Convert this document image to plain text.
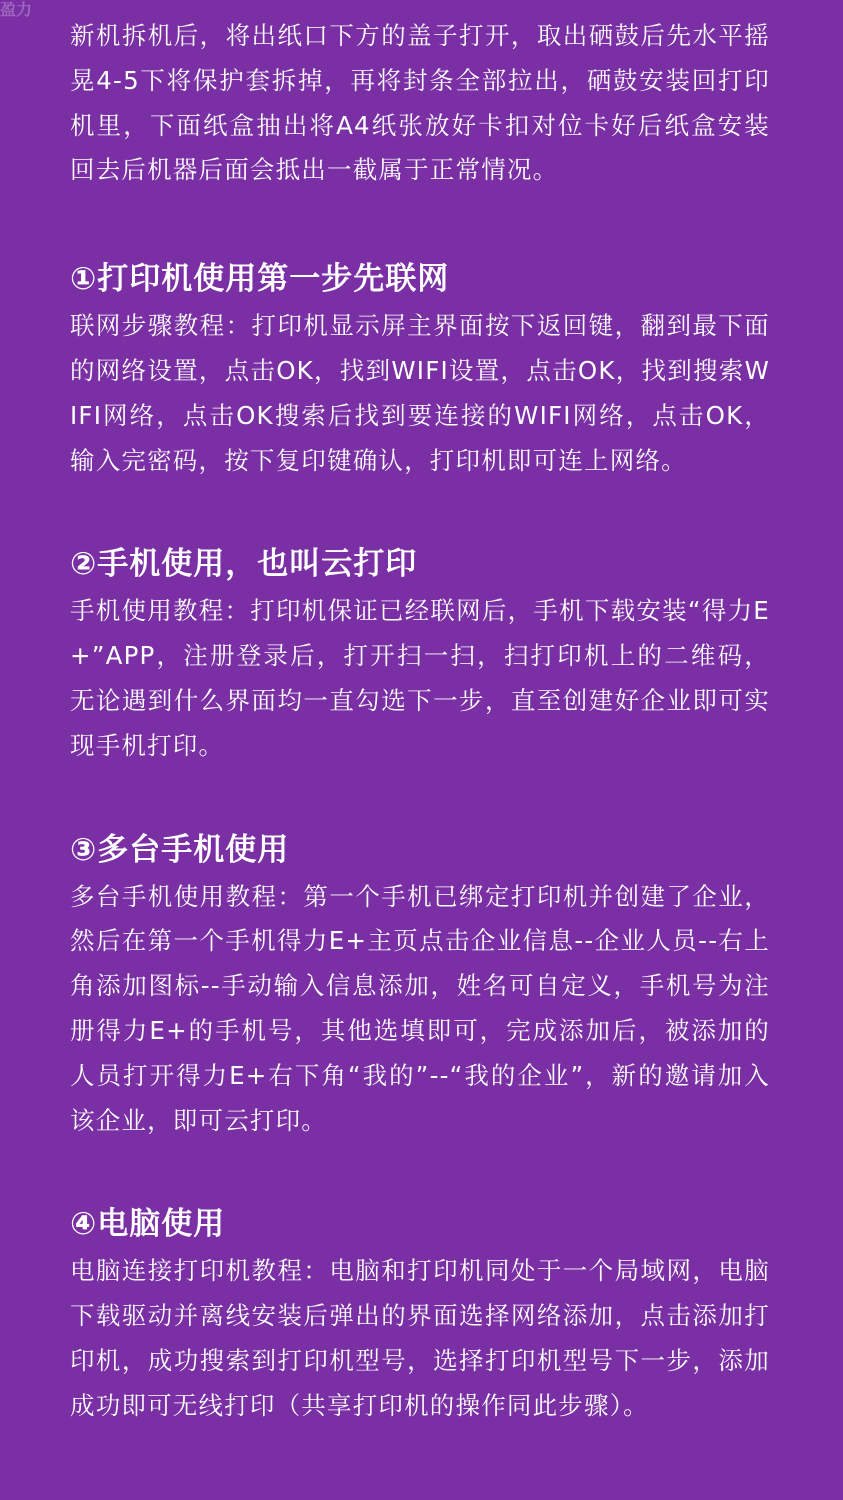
盈力

新机拆机后，将出纸口下方的盖子打开，取出硒鼓后先水平摇晃4-5下将保护套拆掉，再将封条全部拉出，硒鼓安装回打印机里，下面纸盒抽出将A4纸张放好卡扣对位卡好后纸盒安装回去后机器后面会抵出一截属于正常情况。

①打印机使用第一步先联网

联网步骤教程：打印机显示屏主界面按下返回键，翻到最下面的网络设置，点击OK，找到WIFI设置，点击OK，找到搜索WIFI网络，点击OK搜索后找到要连接的WIFI网络，点击OK，输入完密码，按下复印键确认，打印机即可连上网络。

②手机使用，也叫云打印

手机使用教程：打印机保证已经联网后，手机下载安装“得力E+”APP，注册登录后，打开扫一扫，扫打印机上的二维码，无论遇到什么界面均一直勾选下一步，直至创建好企业即可实现手机打印。

③多台手机使用

多台手机使用教程：第一个手机已绑定打印机并创建了企业，然后在第一个手机得力E+主页点击企业信息--企业人员--右上角添加图标--手动输入信息添加，姓名可自定义，手机号为注册得力E+的手机号，其他选填即可，完成添加后，被添加的人员打开得力E+右下角“我的”--“我的企业”，新的邀请加入该企业，即可云打印。

④电脑使用

电脑连接打印机教程：电脑和打印机同处于一个局域网，电脑下载驱动并离线安装后弹出的界面选择网络添加，点击添加打印机，成功搜索到打印机型号，选择打印机型号下一步，添加成功即可无线打印（共享打印机的操作同此步骤）。
